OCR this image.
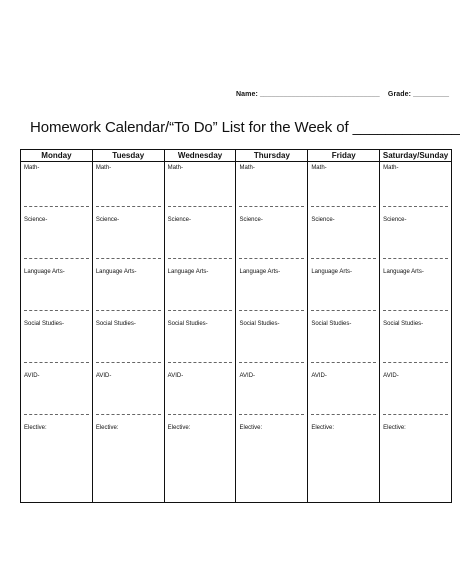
Name: ______________________________ Grade: _________
Homework Calendar/“To Do” List for the Week of _____________
Monday	Tuesday	Wednesday	Thursday	Friday	Saturday/Sunday

Math-	Math-	Math-	Math-	Math-	Math-

Science-	Science-	Science-	Science-	Science-	Science-

Language Arts-	Language Arts-	Language Arts-	Language Arts-	Language Arts-	Language Arts-

Social Studies-	Social Studies-	Social Studies-	Social Studies-	Social Studies-	Social Studies-

AVID-	AVID-	AVID-	AVID-	AVID-	AVID-

Elective:	Elective:	Elective:	Elective:	Elective:	Elective:
